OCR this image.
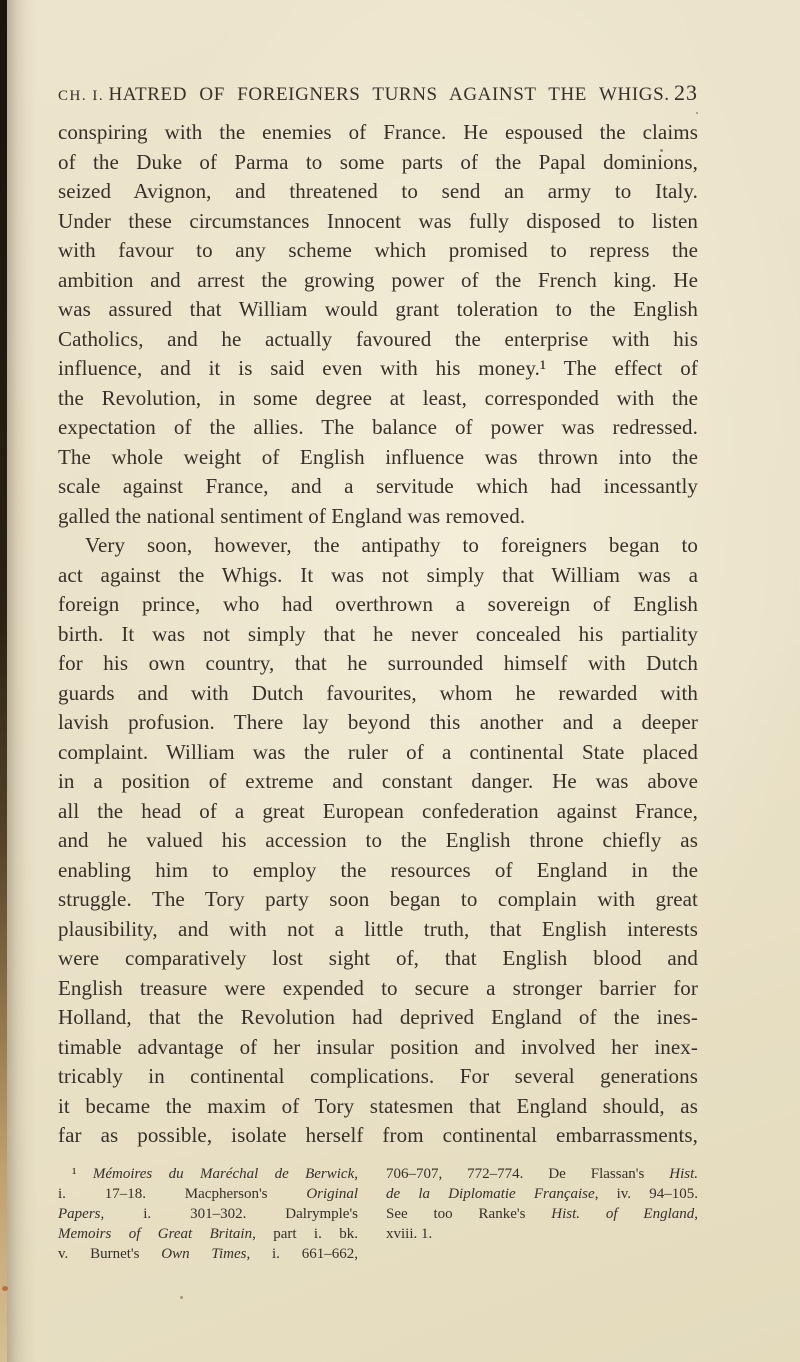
CH. I. HATRED OF FOREIGNERS TURNS AGAINST THE WHIGS. 23
conspiring with the enemies of France. He espoused the claims
of the Duke of Parma to some parts of the Papal dominions,
seized Avignon, and threatened to send an army to Italy.
Under these circumstances Innocent was fully disposed to listen
with favour to any scheme which promised to repress the
ambition and arrest the growing power of the French king. He
was assured that William would grant toleration to the English
Catholics, and he actually favoured the enterprise with his
influence, and it is said even with his money.¹ The effect of
the Revolution, in some degree at least, corresponded with the
expectation of the allies. The balance of power was redressed.
The whole weight of English influence was thrown into the
scale against France, and a servitude which had incessantly
galled the national sentiment of England was removed.
Very soon, however, the antipathy to foreigners began to
act against the Whigs. It was not simply that William was a
foreign prince, who had overthrown a sovereign of English
birth. It was not simply that he never concealed his partiality
for his own country, that he surrounded himself with Dutch
guards and with Dutch favourites, whom he rewarded with
lavish profusion. There lay beyond this another and a deeper
complaint. William was the ruler of a continental State placed
in a position of extreme and constant danger. He was above
all the head of a great European confederation against France,
and he valued his accession to the English throne chiefly as
enabling him to employ the resources of England in the
struggle. The Tory party soon began to complain with great
plausibility, and with not a little truth, that English interests
were comparatively lost sight of, that English blood and
English treasure were expended to secure a stronger barrier for
Holland, that the Revolution had deprived England of the ines-
timable advantage of her insular position and involved her inex-
tricably in continental complications. For several generations
it became the maxim of Tory statesmen that England should, as
far as possible, isolate herself from continental embarrassments,
¹ Mémoires du Maréchal de Berwick,
i. 17–18. Macpherson's Original
Papers, i. 301–302. Dalrymple's
Memoirs of Great Britain, part i. bk.
v. Burnet's Own Times, i. 661–662,
706–707, 772–774. De Flassan's Hist.
de la Diplomatie Française, iv. 94–105.
See too Ranke's Hist. of England,
xviii. 1.
